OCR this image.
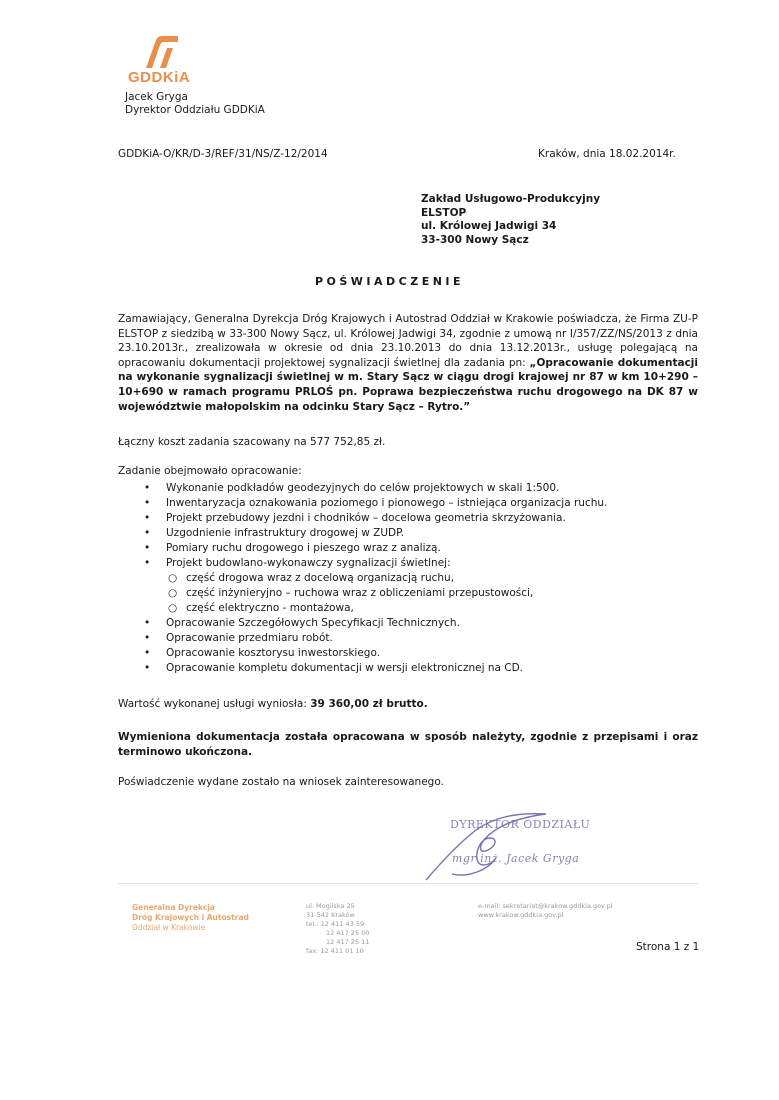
GDDKiA
Jacek Gryga
Dyrektor Oddziału GDDKiA
GDDKiA-O/KR/D-3/REF/31/NS/Z-12/2014	Kraków, dnia 18.02.2014r.
Zakład Usługowo-Produkcyjny
ELSTOP
ul. Królowej Jadwigi 34
33-300 Nowy Sącz
POŚWIADCZENIE
Zamawiający, Generalna Dyrekcja Dróg Krajowych i Autostrad Oddział w Krakowie poświadcza, że Firma ZU-P ELSTOP z siedzibą w 33-300 Nowy Sącz, ul. Królowej Jadwigi 34, zgodnie z umową nr I/357/ZZ/NS/2013 z dnia 23.10.2013r., zrealizowała w okresie od dnia 23.10.2013 do dnia 13.12.2013r., usługę polegającą na opracowaniu dokumentacji projektowej sygnalizacji świetlnej dla zadania pn: „Opracowanie dokumentacji na wykonanie sygnalizacji świetlnej w m. Stary Sącz w ciągu drogi krajowej nr 87 w km 10+290 – 10+690 w ramach programu PRLOŚ pn. Poprawa bezpieczeństwa ruchu drogowego na DK 87 w województwie małopolskim na odcinku Stary Sącz – Rytro.”
Łączny koszt zadania szacowany na 577 752,85 zł.
Zadanie obejmowało opracowanie:
• Wykonanie podkładów geodezyjnych do celów projektowych w skali 1:500.
• Inwentaryzacja oznakowania poziomego i pionowego – istniejąca organizacja ruchu.
• Projekt przebudowy jezdni i chodników – docelowa geometria skrzyżowania.
• Uzgodnienie infrastruktury drogowej w ZUDP.
• Pomiary ruchu drogowego i pieszego wraz z analizą.
• Projekt budowlano-wykonawczy sygnalizacji świetlnej:
○ część drogowa wraz z docelową organizacją ruchu,
○ część inżynieryjno – ruchowa wraz z obliczeniami przepustowości,
○ część elektryczno - montażowa,
• Opracowanie Szczegółowych Specyfikacji Technicznych.
• Opracowanie przedmiaru robót.
• Opracowanie kosztorysu inwestorskiego.
• Opracowanie kompletu dokumentacji w wersji elektronicznej na CD.
Wartość wykonanej usługi wyniosła: 39 360,00 zł brutto.
Wymieniona dokumentacja została opracowana w sposób należyty, zgodnie z przepisami i oraz terminowo ukończona.
Poświadczenie wydane zostało na wniosek zainteresowanego.
DYREKTOR ODDZIAŁU
mgr inż. Jacek Gryga
Generalna Dyrekcja
Dróg Krajowych i Autostrad
Oddział w Krakowie
ul. Mogilska 25
31-542 Kraków
tel.: 12 411 43 59
12 417 25 00
12 417 25 11
fax: 12 411 01 10
e-mail: sekretariat@krakow.gddkia.gov.pl
www.krakow.gddkia.gov.pl
Strona 1 z 1
